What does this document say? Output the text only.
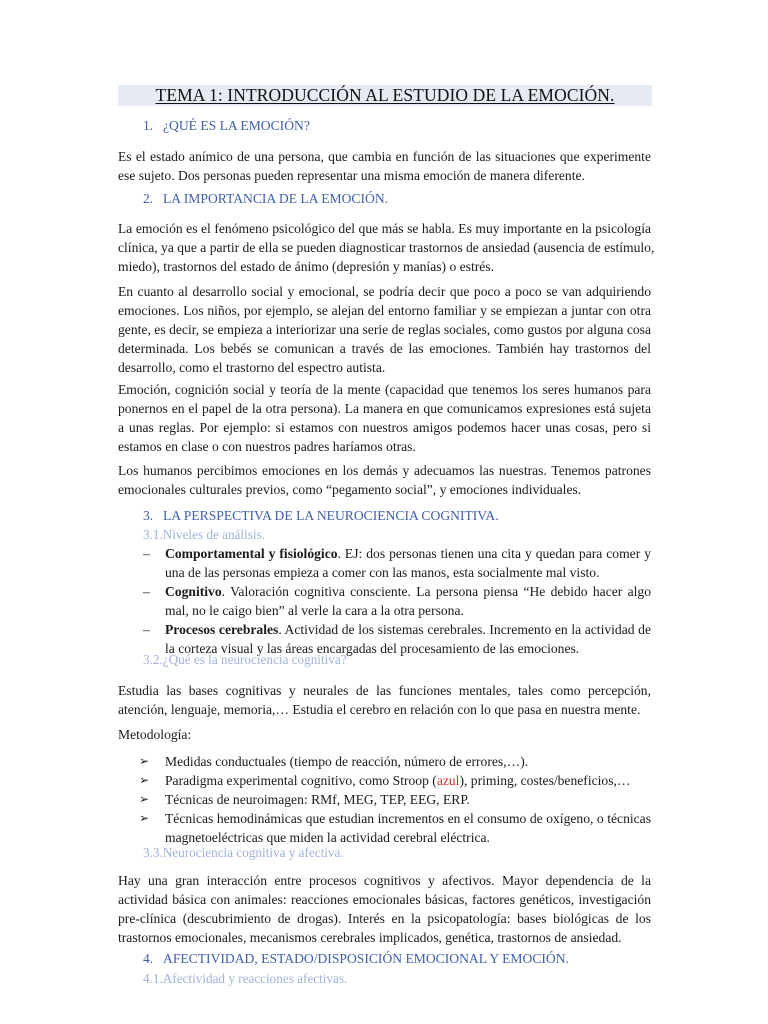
TEMA 1: INTRODUCCIÓN AL ESTUDIO DE LA EMOCIÓN.
1. ¿QUÉ ES LA EMOCIÓN?

Es el estado anímico de una persona, que cambia en función de las situaciones que experimente
ese sujeto. Dos personas pueden representar una misma emoción de manera diferente.

2. LA IMPORTANCIA DE LA EMOCIÓN.

La emoción es el fenómeno psicológico del que más se habla. Es muy importante en la psicología
clínica, ya que a partir de ella se pueden diagnosticar trastornos de ansiedad (ausencia de estímulo,
miedo), trastornos del estado de ánimo (depresión y manías) o estrés.

En cuanto al desarrollo social y emocional, se podría decir que poco a poco se van adquiriendo
emociones. Los niños, por ejemplo, se alejan del entorno familiar y se empiezan a juntar con otra
gente, es decir, se empieza a interiorizar una serie de reglas sociales, como gustos por alguna cosa
determinada. Los bebés se comunican a través de las emociones. También hay trastornos del
desarrollo, como el trastorno del espectro autista.

Emoción, cognición social y teoría de la mente (capacidad que tenemos los seres humanos para
ponernos en el papel de la otra persona). La manera en que comunicamos expresiones está sujeta
a unas reglas. Por ejemplo: si estamos con nuestros amigos podemos hacer unas cosas, pero si
estamos en clase o con nuestros padres haríamos otras.

Los humanos percibimos emociones en los demás y adecuamos las nuestras. Tenemos patrones
emocionales culturales previos, como “pegamento social”, y emociones individuales.

3. LA PERSPECTIVA DE LA NEUROCIENCIA COGNITIVA.
3.1.Niveles de análisis.
– Comportamental y fisiológico. EJ: dos personas tienen una cita y quedan para comer y
una de las personas empieza a comer con las manos, esta socialmente mal visto.
– Cognitivo. Valoración cognitiva consciente. La persona piensa “He debido hacer algo
mal, no le caigo bien” al verle la cara a la otra persona.
– Procesos cerebrales. Actividad de los sistemas cerebrales. Incremento en la actividad de
la corteza visual y las áreas encargadas del procesamiento de las emociones.
3.2.¿Qué es la neurociencia cognitiva?

Estudia las bases cognitivas y neurales de las funciones mentales, tales como percepción,
atención, lenguaje, memoria,… Estudia el cerebro en relación con lo que pasa en nuestra mente.

Metodología:

➢ Medidas conductuales (tiempo de reacción, número de errores,…).
➢ Paradigma experimental cognitivo, como Stroop (azul), priming, costes/beneficios,…
➢ Técnicas de neuroimagen: RMf, MEG, TEP, EEG, ERP.
➢ Técnicas hemodinámicas que estudian incrementos en el consumo de oxígeno, o técnicas
magnetoeléctricas que miden la actividad cerebral eléctrica.
3.3.Neurociencia cognitiva y afectiva.

Hay una gran interacción entre procesos cognitivos y afectivos. Mayor dependencia de la
actividad básica con animales: reacciones emocionales básicas, factores genéticos, investigación
pre-clínica (descubrimiento de drogas). Interés en la psicopatología: bases biológicas de los
trastornos emocionales, mecanismos cerebrales implicados, genética, trastornos de ansiedad.

4. AFECTIVIDAD, ESTADO/DISPOSICIÓN EMOCIONAL Y EMOCIÓN.
4.1.Afectividad y reacciones afectivas.
